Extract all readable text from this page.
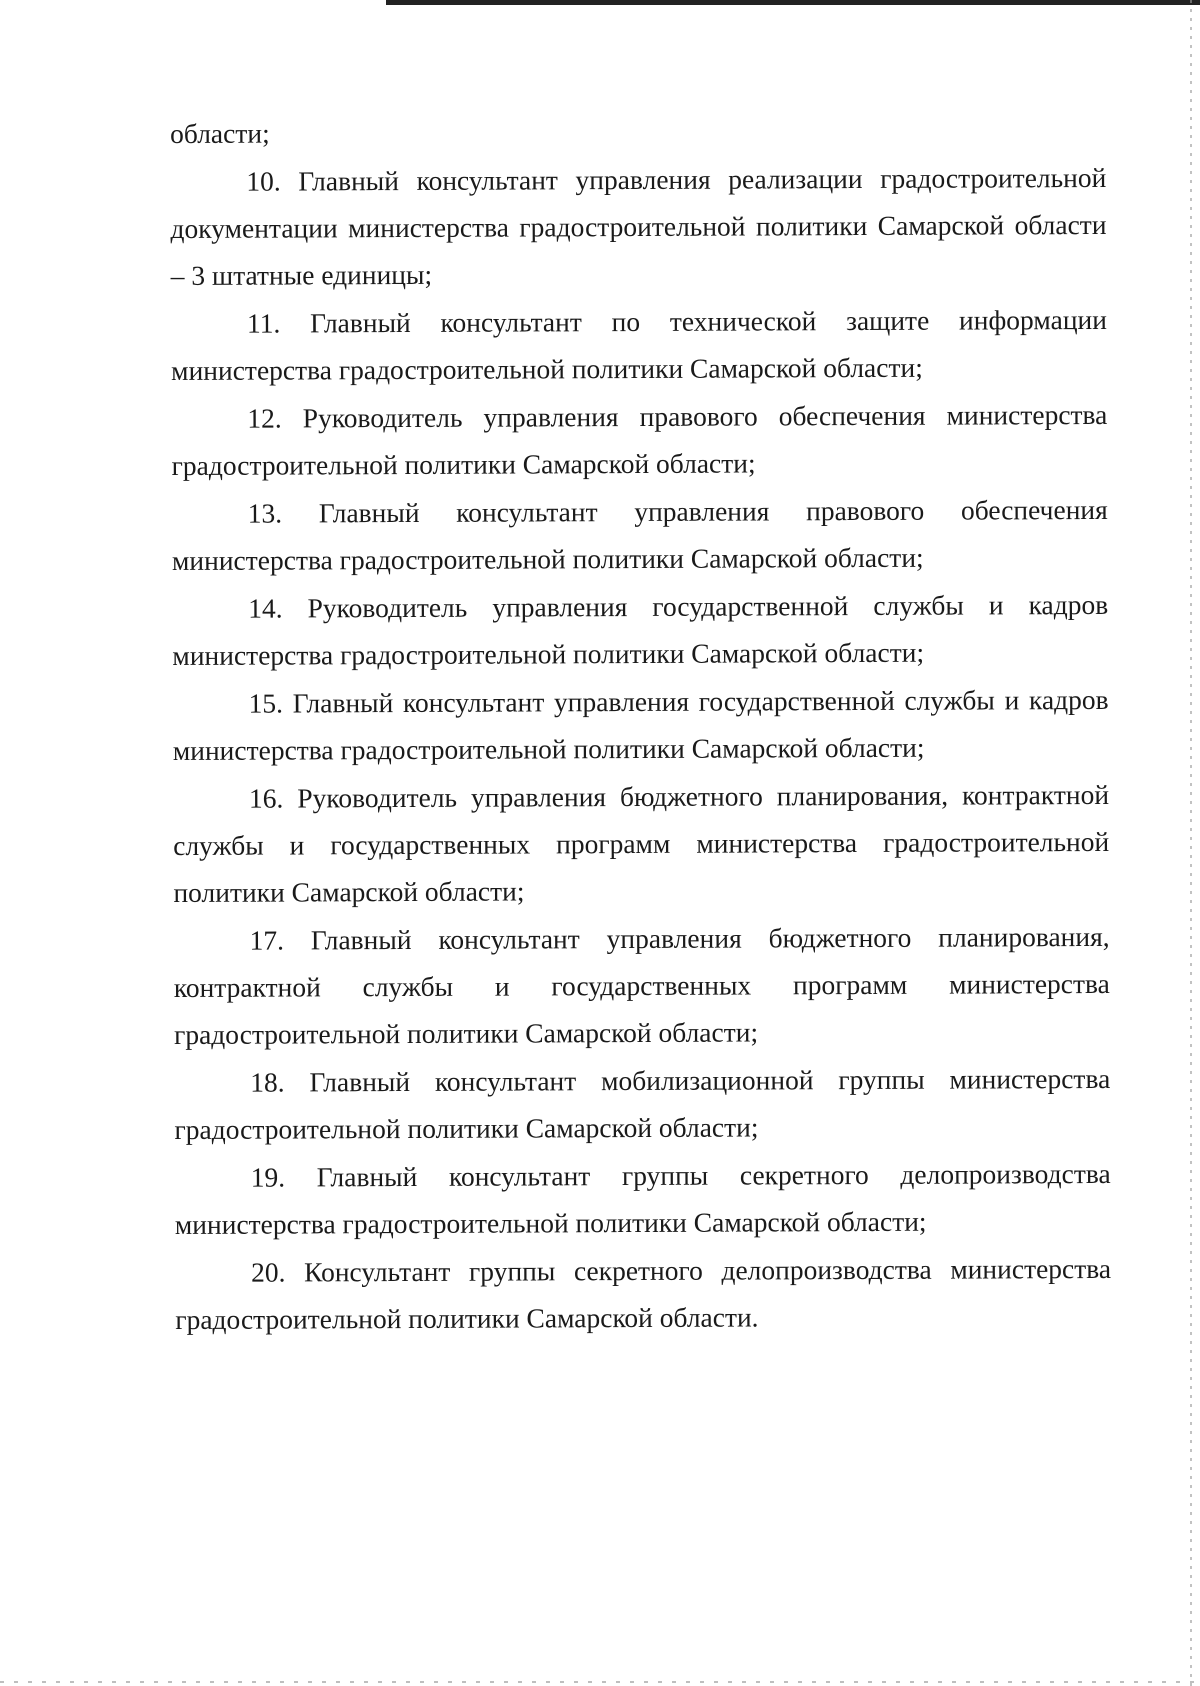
области;

10. Главный консультант управления реализации градостроительной документации министерства градостроительной политики Самарской области – 3 штатные единицы;

11. Главный консультант по технической защите информации министерства градостроительной политики Самарской области;

12. Руководитель управления правового обеспечения министерства градостроительной политики Самарской области;

13. Главный консультант управления правового обеспечения министерства градостроительной политики Самарской области;

14. Руководитель управления государственной службы и кадров министерства градостроительной политики Самарской области;

15. Главный консультант управления государственной службы и кадров министерства градостроительной политики Самарской области;

16. Руководитель управления бюджетного планирования, контрактной службы и государственных программ министерства градостроительной политики Самарской области;

17. Главный консультант управления бюджетного планирования, контрактной службы и государственных программ министерства градостроительной политики Самарской области;

18. Главный консультант мобилизационной группы министерства градостроительной политики Самарской области;

19. Главный консультант группы секретного делопроизводства министерства градостроительной политики Самарской области;

20. Консультант группы секретного делопроизводства министерства градостроительной политики Самарской области.
